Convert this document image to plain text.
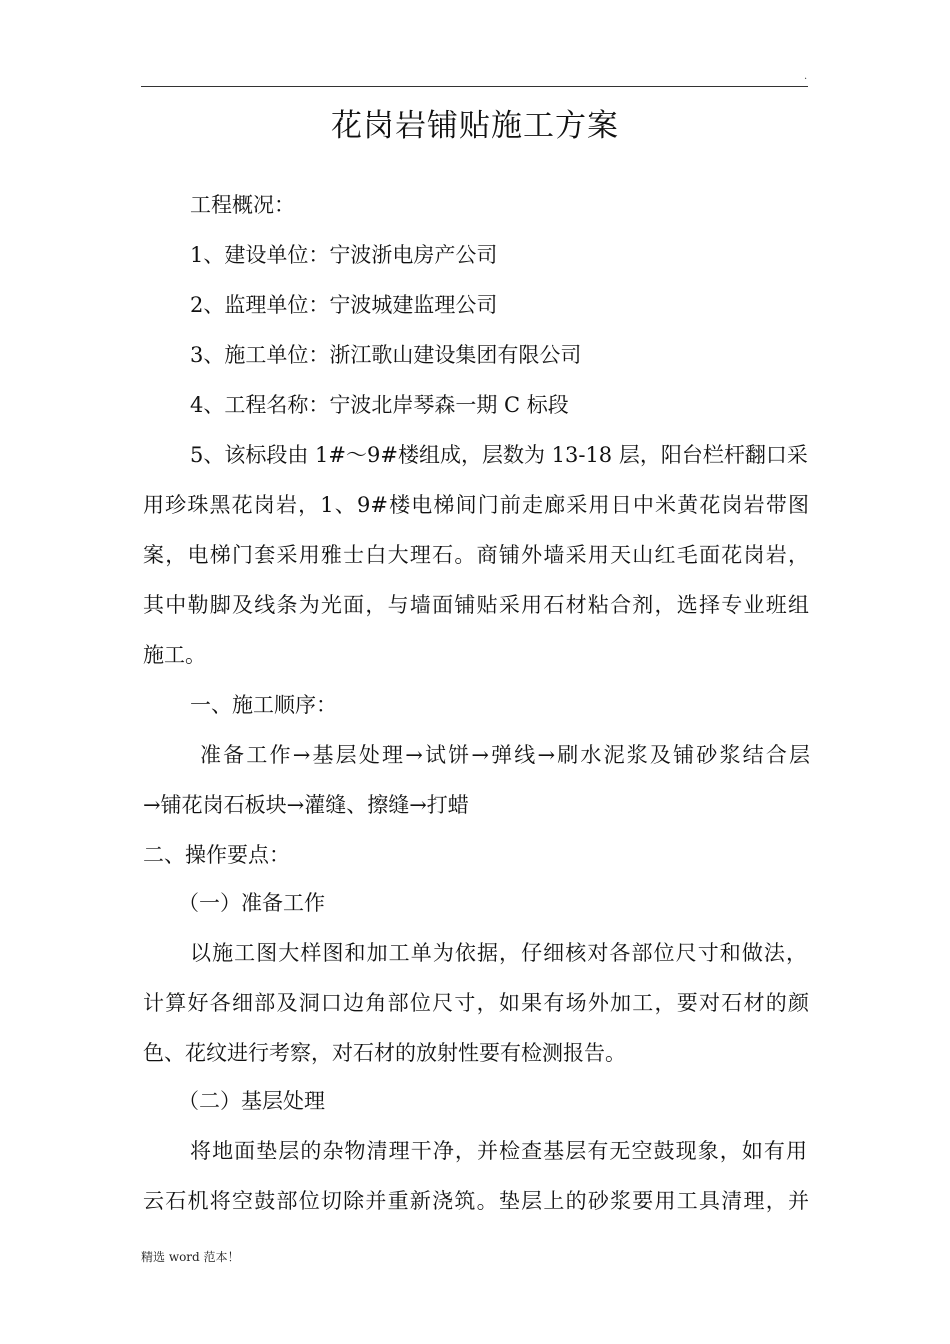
.
花岗岩铺贴施工方案
工程概况：
1、建设单位：宁波浙电房产公司
2、监理单位：宁波城建监理公司
3、施工单位：浙江歌山建设集团有限公司
4、工程名称：宁波北岸琴森一期 C 标段
5、该标段由 1#～9#楼组成，层数为 13-18 层，阳台栏杆翻口采
用珍珠黑花岗岩，1、9#楼电梯间门前走廊采用日中米黄花岗岩带图
案，电梯门套采用雅士白大理石。商铺外墙采用天山红毛面花岗岩，
其中勒脚及线条为光面，与墙面铺贴采用石材粘合剂，选择专业班组
施工。
一、施工顺序：
准备工作→基层处理→试饼→弹线→刷水泥浆及铺砂浆结合层
→铺花岗石板块→灌缝、擦缝→打蜡
二、操作要点：
（一）准备工作
以施工图大样图和加工单为依据，仔细核对各部位尺寸和做法，
计算好各细部及洞口边角部位尺寸，如果有场外加工，要对石材的颜
色、花纹进行考察，对石材的放射性要有检测报告。
（二）基层处理
将地面垫层的杂物清理干净，并检查基层有无空鼓现象，如有用
云石机将空鼓部位切除并重新浇筑。垫层上的砂浆要用工具清理，并
精选 word 范本！
